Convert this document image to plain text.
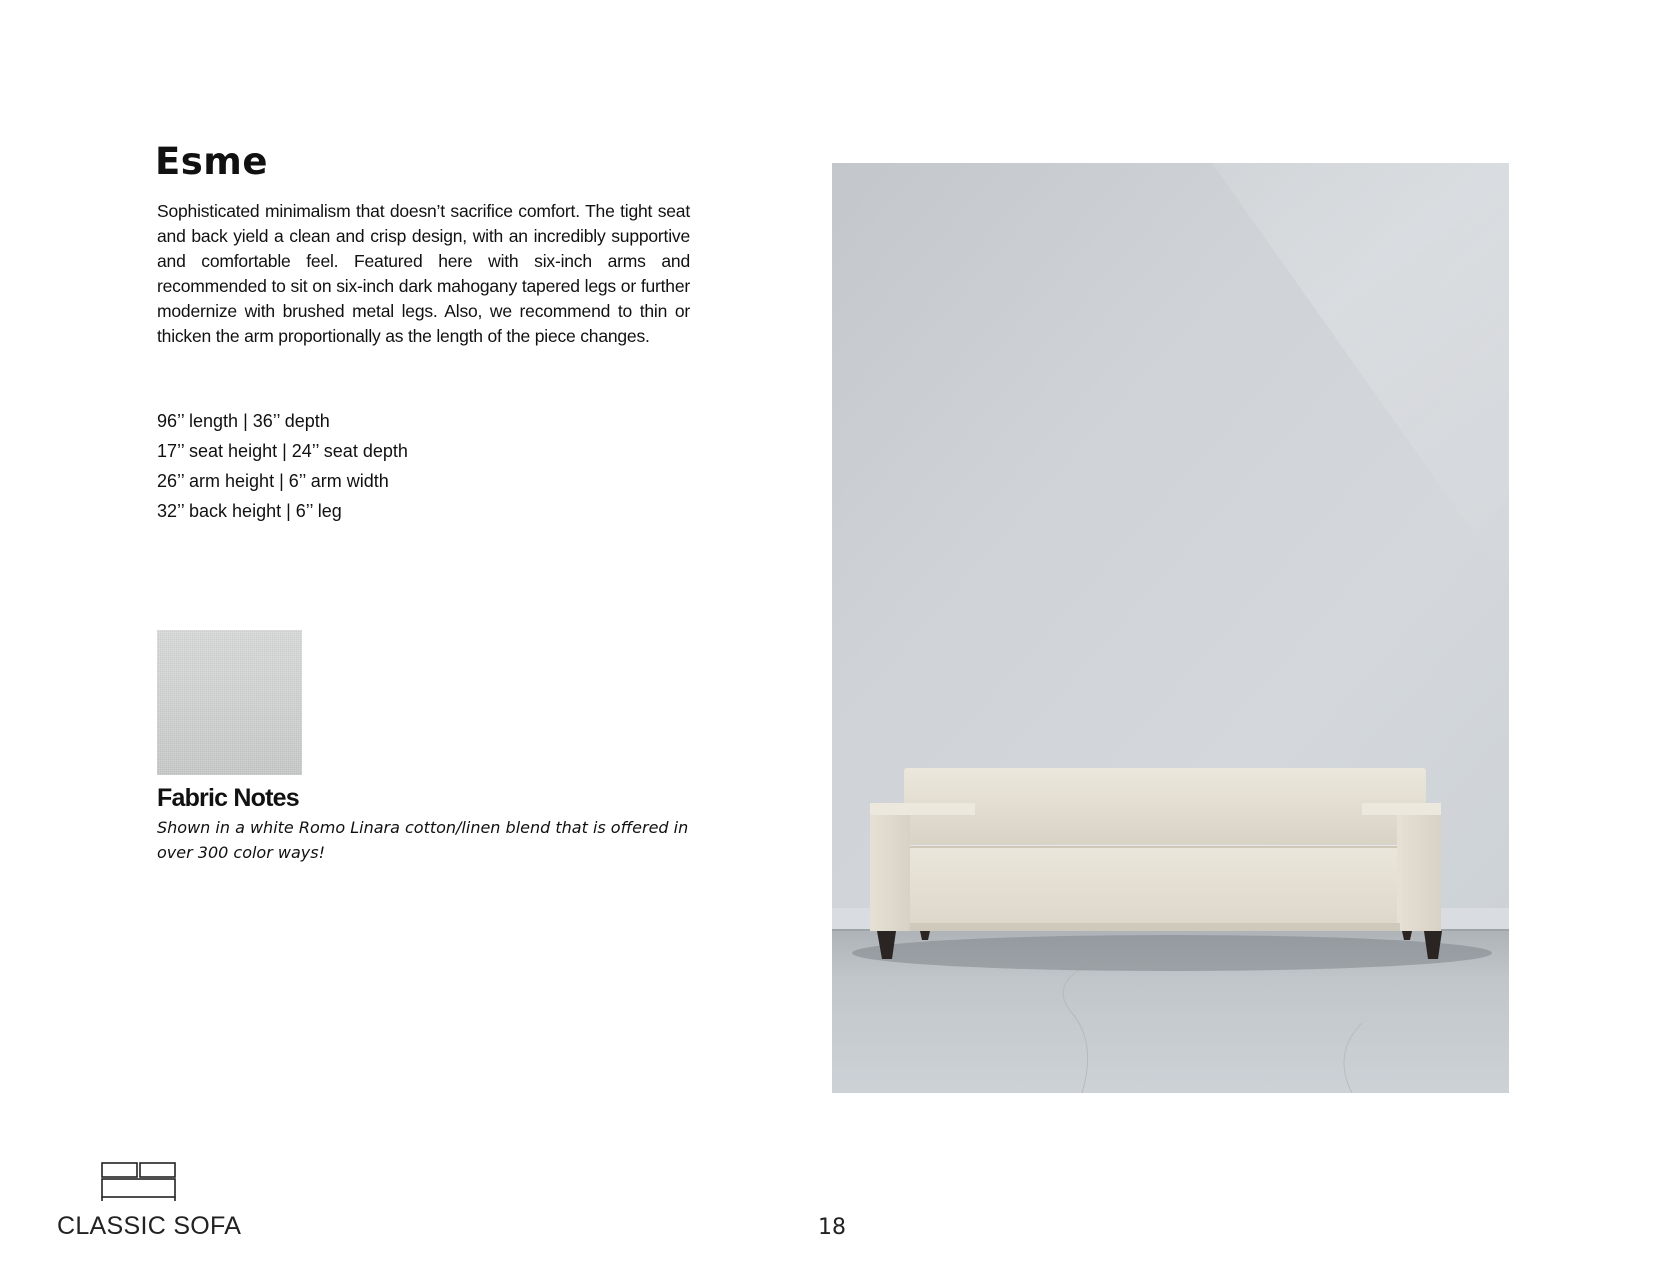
Esme

Sophisticated minimalism that doesn’t sacrifice comfort. The tight seat and back yield a clean and crisp design, with an incredibly supportive and comfortable feel. Featured here with six-inch arms and recommended to sit on six-inch dark mahogany tapered legs or further modernize with brushed metal legs. Also, we recommend to thin or thicken the arm proportionally as the length of the piece changes.

96’’ length | 36’’ depth
17’’ seat height | 24’’ seat depth
26’’ arm height | 6’’ arm width
32’’ back height | 6’’ leg
Fabric Notes

Shown in a white Romo Linara cotton/linen blend that is offered in over 300 color ways!

CLASSIC SOFA	18
